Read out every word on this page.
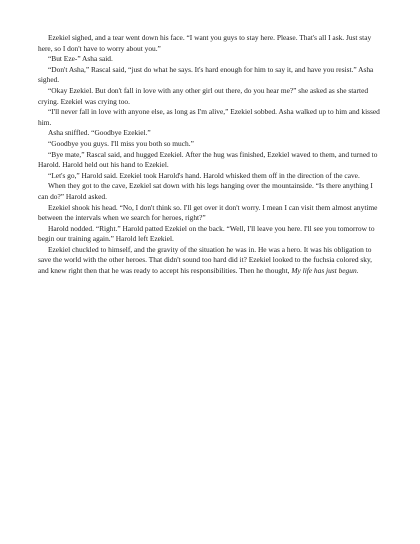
Ezekiel sighed, and a tear went down his face. “I want you guys to stay here. Please. That's all I ask. Just stay here, so I don't have to worry about you.”

“But Eze-” Asha said.

“Don't Asha,” Rascal said, “just do what he says. It's hard enough for him to say it, and have you resist.” Asha sighed.

“Okay Ezekiel. But don't fall in love with any other girl out there, do you hear me?” she asked as she started crying. Ezekiel was crying too.

“I'll never fall in love with anyone else, as long as I'm alive,” Ezekiel sobbed. Asha walked up to him and kissed him.

Asha sniffled. “Goodbye Ezekiel.”

“Goodbye you guys. I'll miss you both so much.”

“Bye mate,” Rascal said, and hugged Ezekiel. After the hug was finished, Ezekiel waved to them, and turned to Harold. Harold held out his hand to Ezekiel.

“Let's go,” Harold said. Ezekiel took Harold's hand. Harold whisked them off in the direction of the cave.

When they got to the cave, Ezekiel sat down with his legs hanging over the mountainside. “Is there anything I can do?” Harold asked.

Ezekiel shook his head. “No, I don't think so. I'll get over it don't worry. I mean I can visit them almost anytime between the intervals when we search for heroes, right?”

Harold nodded. “Right.” Harold patted Ezekiel on the back. “Well, I'll leave you here. I'll see you tomorrow to begin our training again.” Harold left Ezekiel.

Ezekiel chuckled to himself, and the gravity of the situation he was in. He was a hero. It was his obligation to save the world with the other heroes. That didn't sound too hard did it? Ezekiel looked to the fuchsia colored sky, and knew right then that he was ready to accept his responsibilities. Then he thought, My life has just begun.
